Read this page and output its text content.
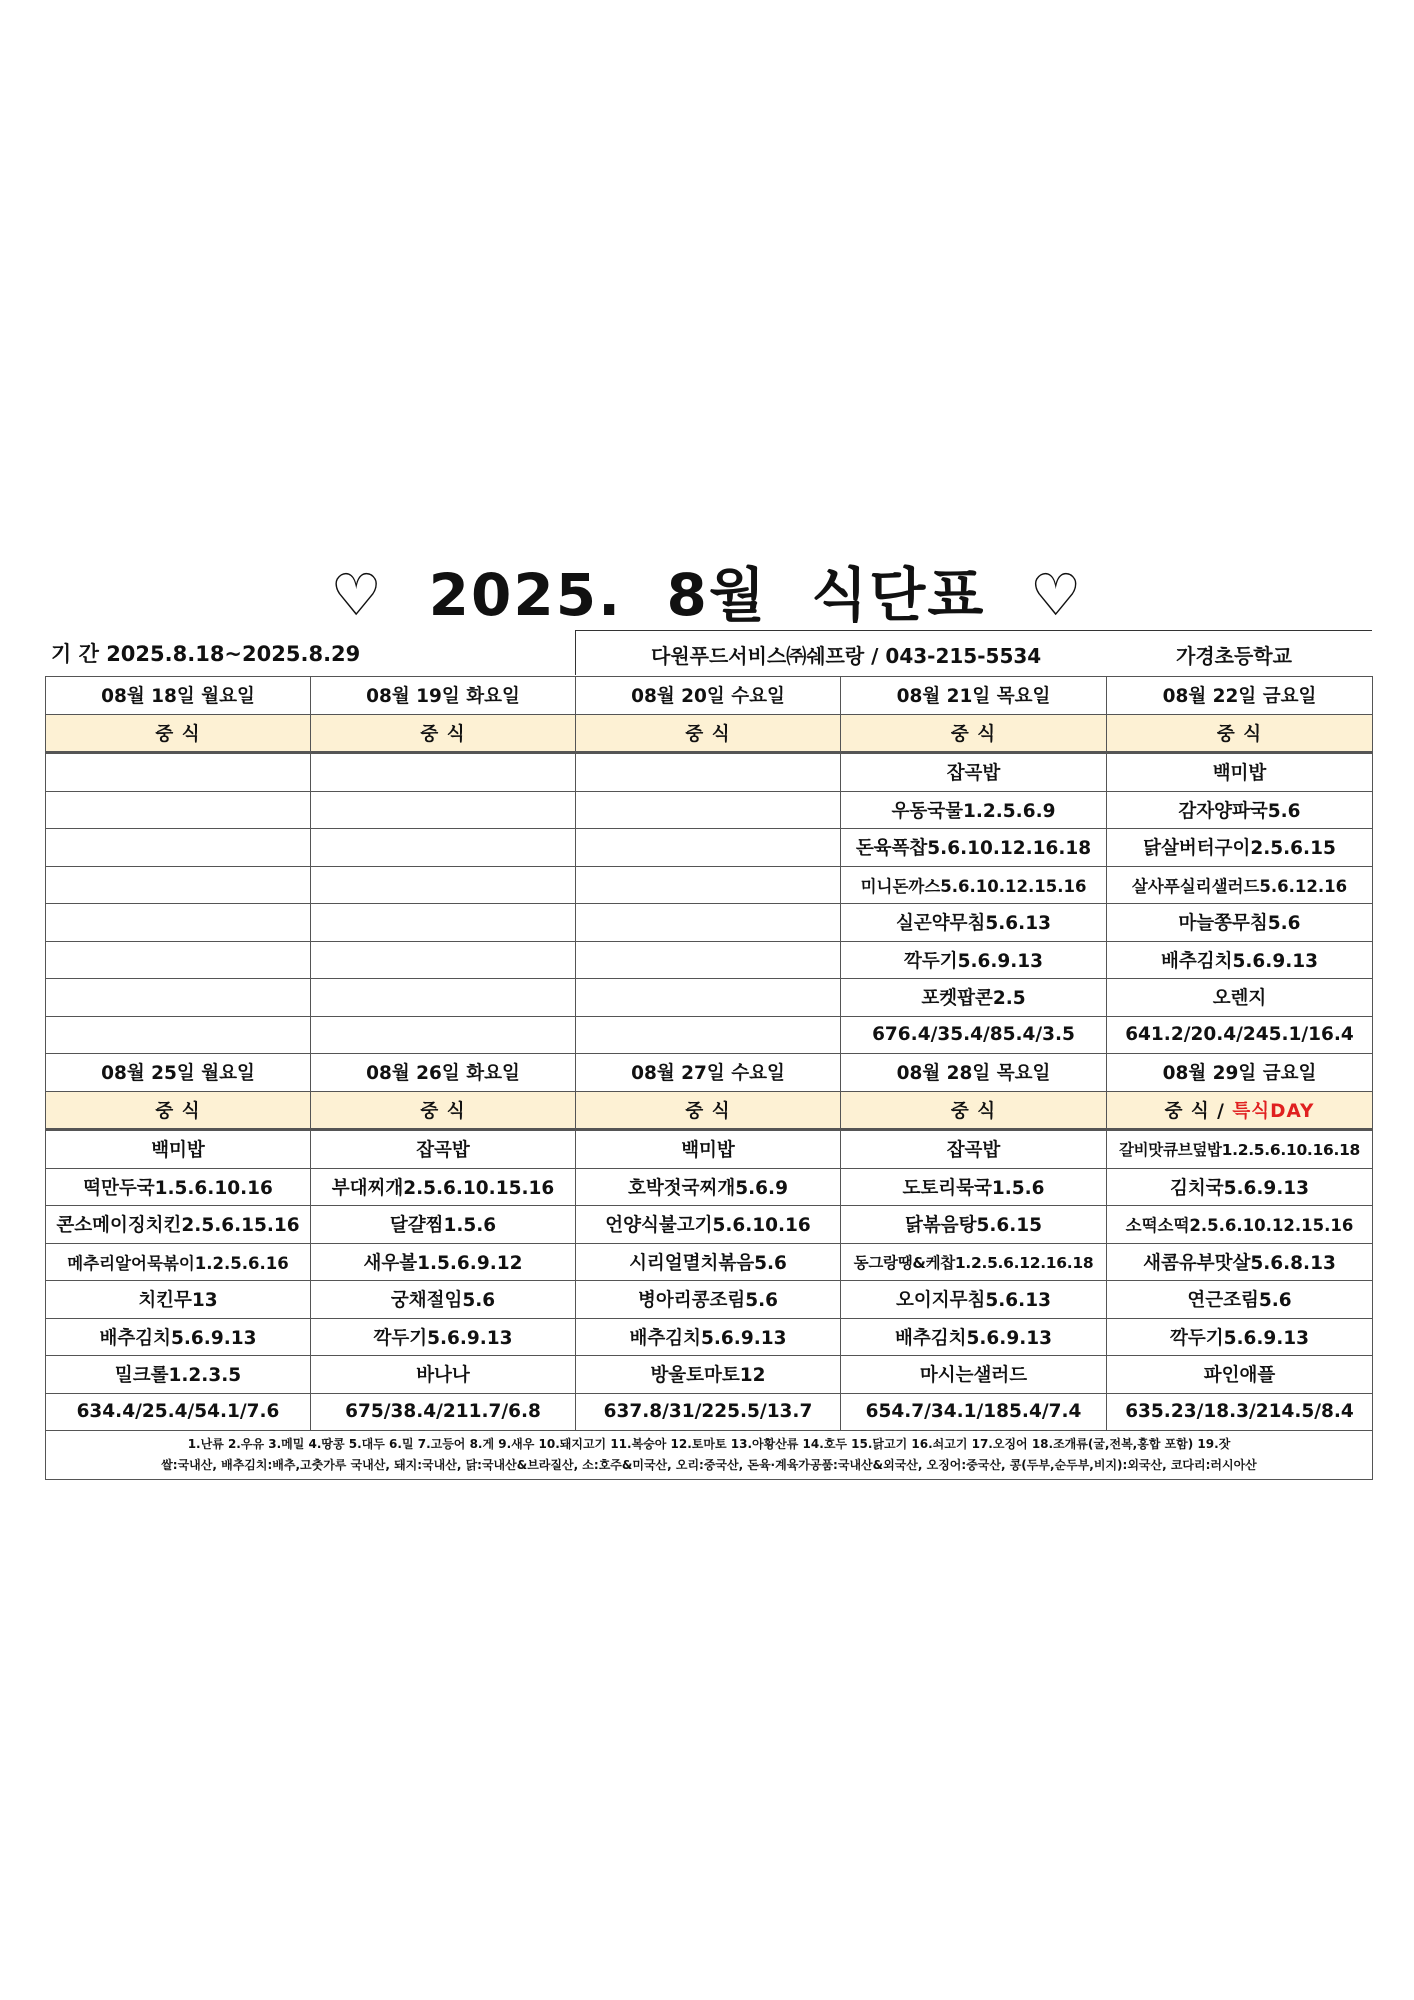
♡  2025.  8월  식단표  ♡
기 간 2025.8.18~2025.8.29	다원푸드서비스㈜쉐프랑 / 043-215-5534	가경초등학교
08월 18일 월요일	08월 19일 화요일	08월 20일 수요일	08월 21일 목요일	08월 22일 금요일
중 식	중 식	중 식	중 식	중 식
			잡곡밥	백미밥
			우동국물1.2.5.6.9	감자양파국5.6
			돈육폭찹5.6.10.12.16.18	닭살버터구이2.5.6.15
			미니돈까스5.6.10.12.15.16	살사푸실리샐러드5.6.12.16
			실곤약무침5.6.13	마늘쫑무침5.6
			깍두기5.6.9.13	배추김치5.6.9.13
			포켓팝콘2.5	오렌지
			676.4/35.4/85.4/3.5	641.2/20.4/245.1/16.4
08월 25일 월요일	08월 26일 화요일	08월 27일 수요일	08월 28일 목요일	08월 29일 금요일
중 식	중 식	중 식	중 식	중 식 / 특식DAY
백미밥	잡곡밥	백미밥	잡곡밥	갈비맛큐브덮밥1.2.5.6.10.16.18
떡만두국1.5.6.10.16	부대찌개2.5.6.10.15.16	호박젓국찌개5.6.9	도토리묵국1.5.6	김치국5.6.9.13
콘소메이징치킨2.5.6.15.16	달걀찜1.5.6	언양식불고기5.6.10.16	닭볶음탕5.6.15	소떡소떡2.5.6.10.12.15.16
메추리알어묵볶이1.2.5.6.16	새우볼1.5.6.9.12	시리얼멸치볶음5.6	동그랑땡&케찹1.2.5.6.12.16.18	새콤유부맛살5.6.8.13
치킨무13	궁채절임5.6	병아리콩조림5.6	오이지무침5.6.13	연근조림5.6
배추김치5.6.9.13	깍두기5.6.9.13	배추김치5.6.9.13	배추김치5.6.9.13	깍두기5.6.9.13
밀크롤1.2.3.5	바나나	방울토마토12	마시는샐러드	파인애플
634.4/25.4/54.1/7.6	675/38.4/211.7/6.8	637.8/31/225.5/13.7	654.7/34.1/185.4/7.4	635.23/18.3/214.5/8.4

1.난류 2.우유 3.메밀 4.땅콩 5.대두 6.밀 7.고등어 8.게 9.새우 10.돼지고기 11.복숭아 12.토마토 13.아황산류 14.호두 15.닭고기 16.쇠고기 17.오징어 18.조개류(굴,전복,홍합 포함) 19.잣
쌀:국내산, 배추김치:배추,고춧가루 국내산, 돼지:국내산, 닭:국내산&브라질산, 소:호주&미국산, 오리:중국산, 돈육·계육가공품:국내산&외국산, 오징어:중국산, 콩(두부,순두부,비지):외국산, 코다리:러시아산				
